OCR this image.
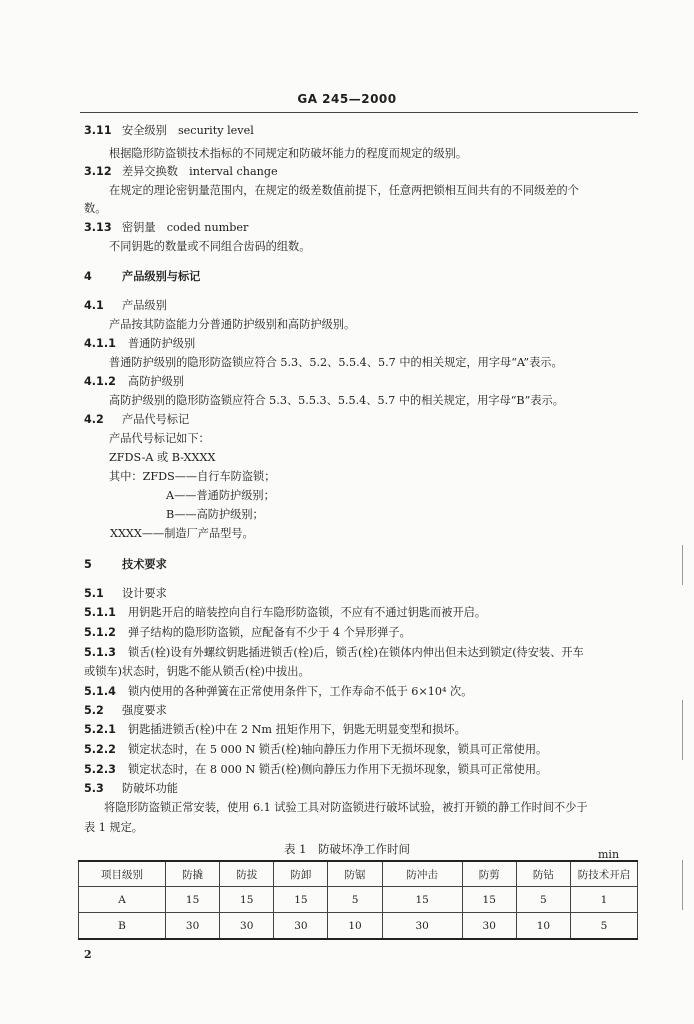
GA 245—2000
3.11 安全级别　security level
根据隐形防盗锁技术指标的不同规定和防破坏能力的程度而规定的级别。
3.12 差异交换数　interval change
在规定的理论密钥量范围内，在规定的级差数值前提下，任意两把锁相互间共有的不同级差的个
数。
3.13 密钥量　coded number
不同钥匙的数量或不同组合齿码的组数。
4	产品级别与标记
4.1 产品级别
产品按其防盗能力分普通防护级别和高防护级别。
4.1.1 普通防护级别
普通防护级别的隐形防盗锁应符合 5.3、5.2、5.5.4、5.7 中的相关规定，用字母“A”表示。
4.1.2 高防护级别
高防护级别的隐形防盗锁应符合 5.3、5.5.3、5.5.4、5.7 中的相关规定，用字母“B”表示。
4.2 产品代号标记
产品代号标记如下：
ZFDS-A 或 B-XXXX
其中：ZFDS——自行车防盗锁；
A——普通防护级别；
B——高防护级别；
XXXX——制造厂产品型号。
5	技术要求
5.1 设计要求
5.1.1 用钥匙开启的暗装控向自行车隐形防盗锁，不应有不通过钥匙而被开启。
5.1.2 弹子结构的隐形防盗锁，应配备有不少于 4 个异形弹子。
5.1.3 锁舌(栓)设有外螺纹钥匙插进锁舌(栓)后，锁舌(栓)在锁体内伸出但未达到锁定(待安装、开车
或锁车)状态时，钥匙不能从锁舌(栓)中拔出。
5.1.4 锁内使用的各种弹簧在正常使用条件下，工作寿命不低于 6×10⁴ 次。
5.2 强度要求
5.2.1 钥匙插进锁舌(栓)中在 2 Nm 扭矩作用下，钥匙无明显变型和损坏。
5.2.2 锁定状态时，在 5 000 N 锁舌(栓)轴向静压力作用下无损坏现象，锁具可正常使用。
5.2.3 锁定状态时，在 8 000 N 锁舌(栓)侧向静压力作用下无损坏现象，锁具可正常使用。
5.3 防破坏功能
将隐形防盗锁正常安装，使用 6.1 试验工具对防盗锁进行破坏试验，被打开锁的静工作时间不少于
表 1 规定。
表 1　防破坏净工作时间	min
项目级别	防撬	防拔	防卸	防锯	防冲击	防剪	防钻	防技术开启
A	15	15	15	5	15	15	5	1
B	30	30	30	10	30	30	10	5
2
